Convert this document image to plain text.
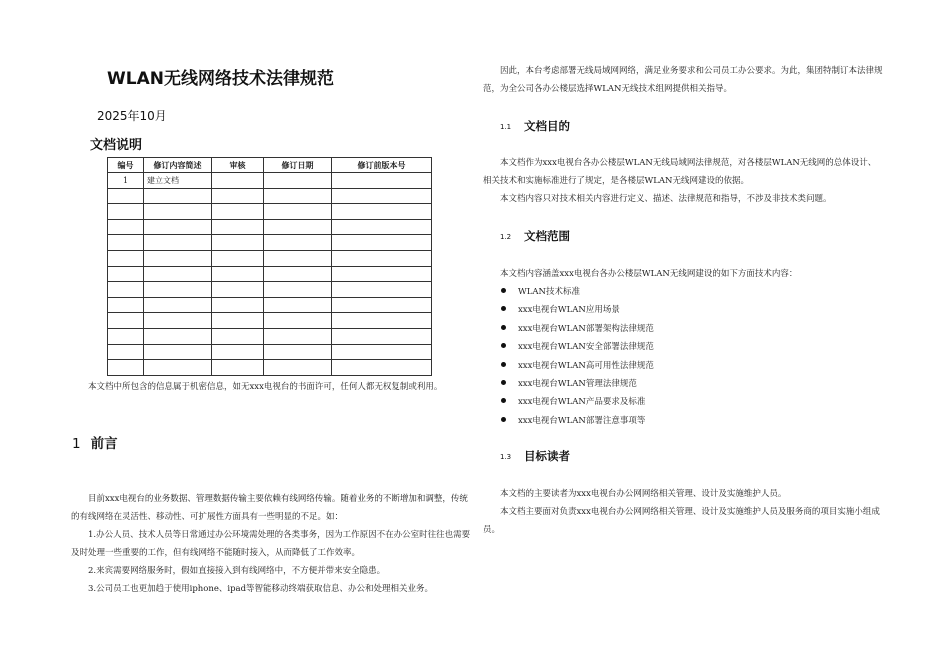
WLAN无线网络技术法律规范
2025年10月
文档说明
编号	修订内容简述	审核	修订日期	修订前版本号
1	建立文档			

本文档中所包含的信息属于机密信息，如无xxx电视台的书面许可，任何人都无权复制或利用。

1 前言

目前xxx电视台的业务数据、管理数据传输主要依赖有线网络传输。随着业务的不断增加和调整，传统的有线网络在灵活性、移动性、可扩展性方面具有一些明显的不足。如：

1.办公人员、技术人员等日常通过办公环境需处理的各类事务，因为工作原因不在办公室时往往也需要及时处理一些重要的工作，但有线网络不能随时接入，从而降低了工作效率。

2.来宾需要网络服务时，假如直接接入到有线网络中，不方便并带来安全隐患。

3.公司员工也更加趋于使用iphone、ipad等智能移动终端获取信息、办公和处理相关业务。

因此，本台考虑部署无线局域网网络，满足业务要求和公司员工办公要求。为此，集团特制订本法律规范，为全公司各办公楼层选择WLAN无线技术组网提供相关指导。

1.1 文档目的

本文档作为xxx电视台各办公楼层WLAN无线局域网法律规范，对各楼层WLAN无线网的总体设计、相关技术和实施标准进行了规定，是各楼层WLAN无线网建设的依据。

本文档内容只对技术相关内容进行定义、描述、法律规范和指导，不涉及非技术类问题。

1.2 文档范围

本文档内容涵盖xxx电视台各办公楼层WLAN无线网建设的如下方面技术内容：

WLAN技术标准
xxx电视台WLAN应用场景
xxx电视台WLAN部署架构法律规范
xxx电视台WLAN安全部署法律规范
xxx电视台WLAN高可用性法律规范
xxx电视台WLAN管理法律规范
xxx电视台WLAN产品要求及标准
xxx电视台WLAN部署注意事项等
1.3 目标读者

本文档的主要读者为xxx电视台办公网网络相关管理、设计及实施维护人员。

本文档主要面对负责xxx电视台办公网网络相关管理、设计及实施维护人员及服务商的项目实施小组成员。
